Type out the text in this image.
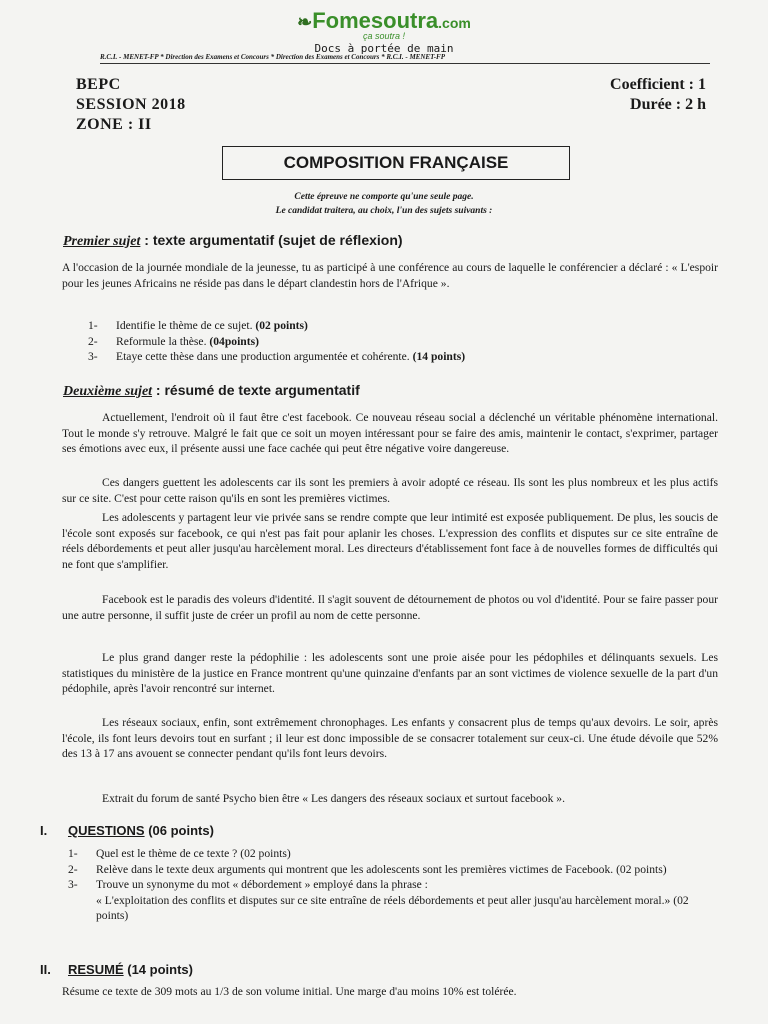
❧Fomesoutra.com
ça soutra !
Docs à portée de main
R.C.I. - MENET-FP * Direction des Examens et Concours * Direction des Examens et Concours * R.C.I. - MENET-FP
BEPC
SESSION 2018
ZONE : II
Coefficient : 1
Durée : 2 h
COMPOSITION FRANÇAISE
Cette épreuve ne comporte qu'une seule page.
Le candidat traitera, au choix, l'un des sujets suivants :
Premier sujet : texte argumentatif (sujet de réflexion)
A l'occasion de la journée mondiale de la jeunesse, tu as participé à une conférence au cours de laquelle le conférencier a déclaré : « L'espoir pour les jeunes Africains ne réside pas dans le départ clandestin hors de l'Afrique ».
1- Identifie le thème de ce sujet. (02 points)
2- Reformule la thèse. (04points)
3- Etaye cette thèse dans une production argumentée et cohérente. (14 points)
Deuxième sujet : résumé de texte argumentatif
Actuellement, l'endroit où il faut être c'est facebook. Ce nouveau réseau social a déclenché un véritable phénomène international. Tout le monde s'y retrouve. Malgré le fait que ce soit un moyen intéressant pour se faire des amis, maintenir le contact, s'exprimer, partager ses émotions avec eux, il présente aussi une face cachée qui peut être négative voire dangereuse.
Ces dangers guettent les adolescents car ils sont les premiers à avoir adopté ce réseau. Ils sont les plus nombreux et les plus actifs sur ce site. C'est pour cette raison qu'ils en sont les premières victimes.
Les adolescents y partagent leur vie privée sans se rendre compte que leur intimité est exposée publiquement. De plus, les soucis de l'école sont exposés sur facebook, ce qui n'est pas fait pour aplanir les choses. L'expression des conflits et disputes sur ce site entraîne de réels débordements et peut aller jusqu'au harcèlement moral. Les directeurs d'établissement font face à de nouvelles formes de difficultés qui ne font que s'amplifier.
Facebook est le paradis des voleurs d'identité. Il s'agit souvent de détournement de photos ou vol d'identité. Pour se faire passer pour une autre personne, il suffit juste de créer un profil au nom de cette personne.
Le plus grand danger reste la pédophilie : les adolescents sont une proie aisée pour les pédophiles et délinquants sexuels. Les statistiques du ministère de la justice en France montrent qu'une quinzaine d'enfants par an sont victimes de violence sexuelle de la part d'un pédophile, après l'avoir rencontré sur internet.
Les réseaux sociaux, enfin, sont extrêmement chronophages. Les enfants y consacrent plus de temps qu'aux devoirs. Le soir, après l'école, ils font leurs devoirs tout en surfant ; il leur est donc impossible de se consacrer totalement sur ceux-ci. Une étude dévoile que 52% des 13 à 17 ans avouent se connecter pendant qu'ils font leurs devoirs.
Extrait du forum de santé Psycho bien être « Les dangers des réseaux sociaux et surtout facebook ».
I. QUESTIONS (06 points)
1- Quel est le thème de ce texte ? (02 points)
2- Relève dans le texte deux arguments qui montrent que les adolescents sont les premières victimes de Facebook. (02 points)
3- Trouve un synonyme du mot « débordement » employé dans la phrase :
« L'exploitation des conflits et disputes sur ce site entraîne de réels débordements et peut aller jusqu'au harcèlement moral.» (02 points)
II. RESUMÉ (14 points)
Résume ce texte de 309 mots au 1/3 de son volume initial. Une marge d'au moins 10% est tolérée.
